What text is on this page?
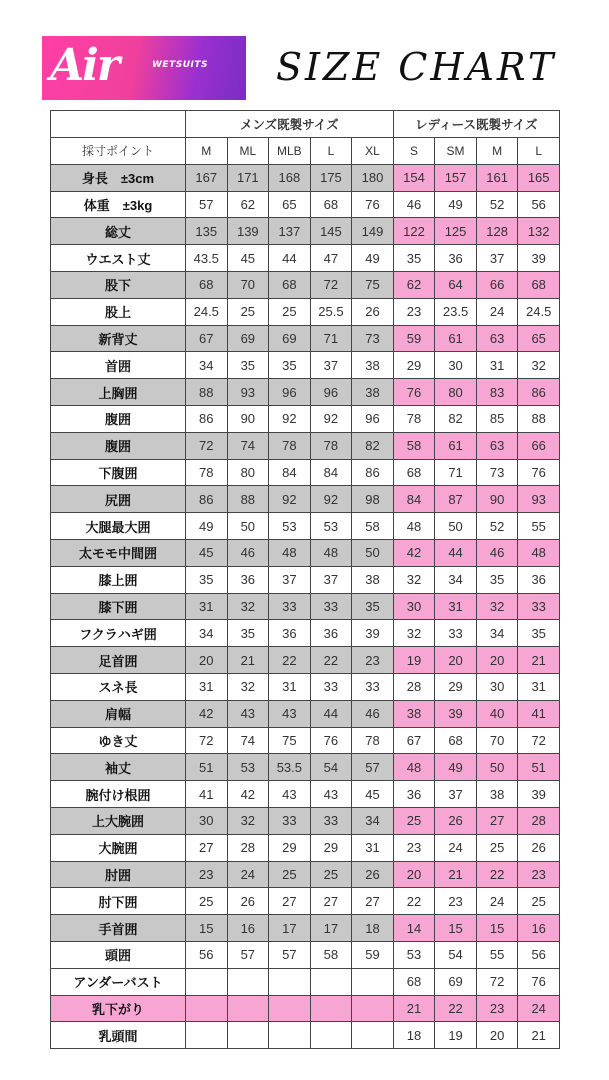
Air	WETSUITS SIZE CHART
	メンズ既製サイズ					レディース既製サイズ			
採寸ポイント	M	ML	MLB	L	XL	S	SM	M	L
身長　±3cm	167	171	168	175	180	154	157	161	165
体重　±3kg	57	62	65	68	76	46	49	52	56
総丈	135	139	137	145	149	122	125	128	132
ウエスト丈	43.5	45	44	47	49	35	36	37	39
股下	68	70	68	72	75	62	64	66	68
股上	24.5	25	25	25.5	26	23	23.5	24	24.5
新背丈	67	69	69	71	73	59	61	63	65
首囲	34	35	35	37	38	29	30	31	32
上胸囲	88	93	96	96	38	76	80	83	86
腹囲	86	90	92	92	96	78	82	85	88
腹囲	72	74	78	78	82	58	61	63	66
下腹囲	78	80	84	84	86	68	71	73	76
尻囲	86	88	92	92	98	84	87	90	93
大腿最大囲	49	50	53	53	58	48	50	52	55
太モモ中間囲	45	46	48	48	50	42	44	46	48
膝上囲	35	36	37	37	38	32	34	35	36
膝下囲	31	32	33	33	35	30	31	32	33
フクラハギ囲	34	35	36	36	39	32	33	34	35
足首囲	20	21	22	22	23	19	20	20	21
スネ長	31	32	31	33	33	28	29	30	31
肩幅	42	43	43	44	46	38	39	40	41
ゆき丈	72	74	75	76	78	67	68	70	72
袖丈	51	53	53.5	54	57	48	49	50	51
腕付け根囲	41	42	43	43	45	36	37	38	39
上大腕囲	30	32	33	33	34	25	26	27	28
大腕囲	27	28	29	29	31	23	24	25	26
肘囲	23	24	25	25	26	20	21	22	23
肘下囲	25	26	27	27	27	22	23	24	25
手首囲	15	16	17	17	18	14	15	15	16
頭囲	56	57	57	58	59	53	54	55	56
アンダーバスト						68	69	72	76
乳下がり						21	22	23	24
乳頭間						18	19	20	21
